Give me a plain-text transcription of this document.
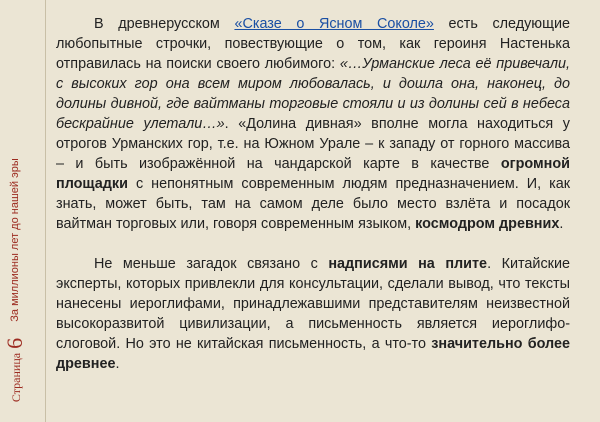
За миллионы лет до нашей эры
Страница6

В древнерусском «Сказе о Ясном Соколе» есть следующие любопытные строчки, повествующие о том, как героиня Настенька отправилась на поиски своего любимого: «…Урманские леса её привечали, с высоких гор она всем миром любовалась, и дошла она, наконец, до долины дивной, где вайтманы торговые стояли и из долины сей в небеса бескрайние улетали…». «Долина дивная» вполне могла находиться у отрогов Урманских гор, т.е. на Южном Урале – к западу от горного массива – и быть изображённой на чандарской карте в качестве огромной площадки с непонятным современным людям предназначением. И, как знать, может быть, там на самом деле было место взлёта и посадок вайтман торговых или, говоря современным языком, космодром древних.

Не меньше загадок связано с надписями на плите. Китайские эксперты, которых привлекли для консультации, сделали вывод, что тексты нанесены иероглифами, принадлежавшими представителям неизвестной высокоразвитой цивилизации, а письменность является иероглифо-слоговой. Но это не китайская письменность, а что-то значительно более древнее.
